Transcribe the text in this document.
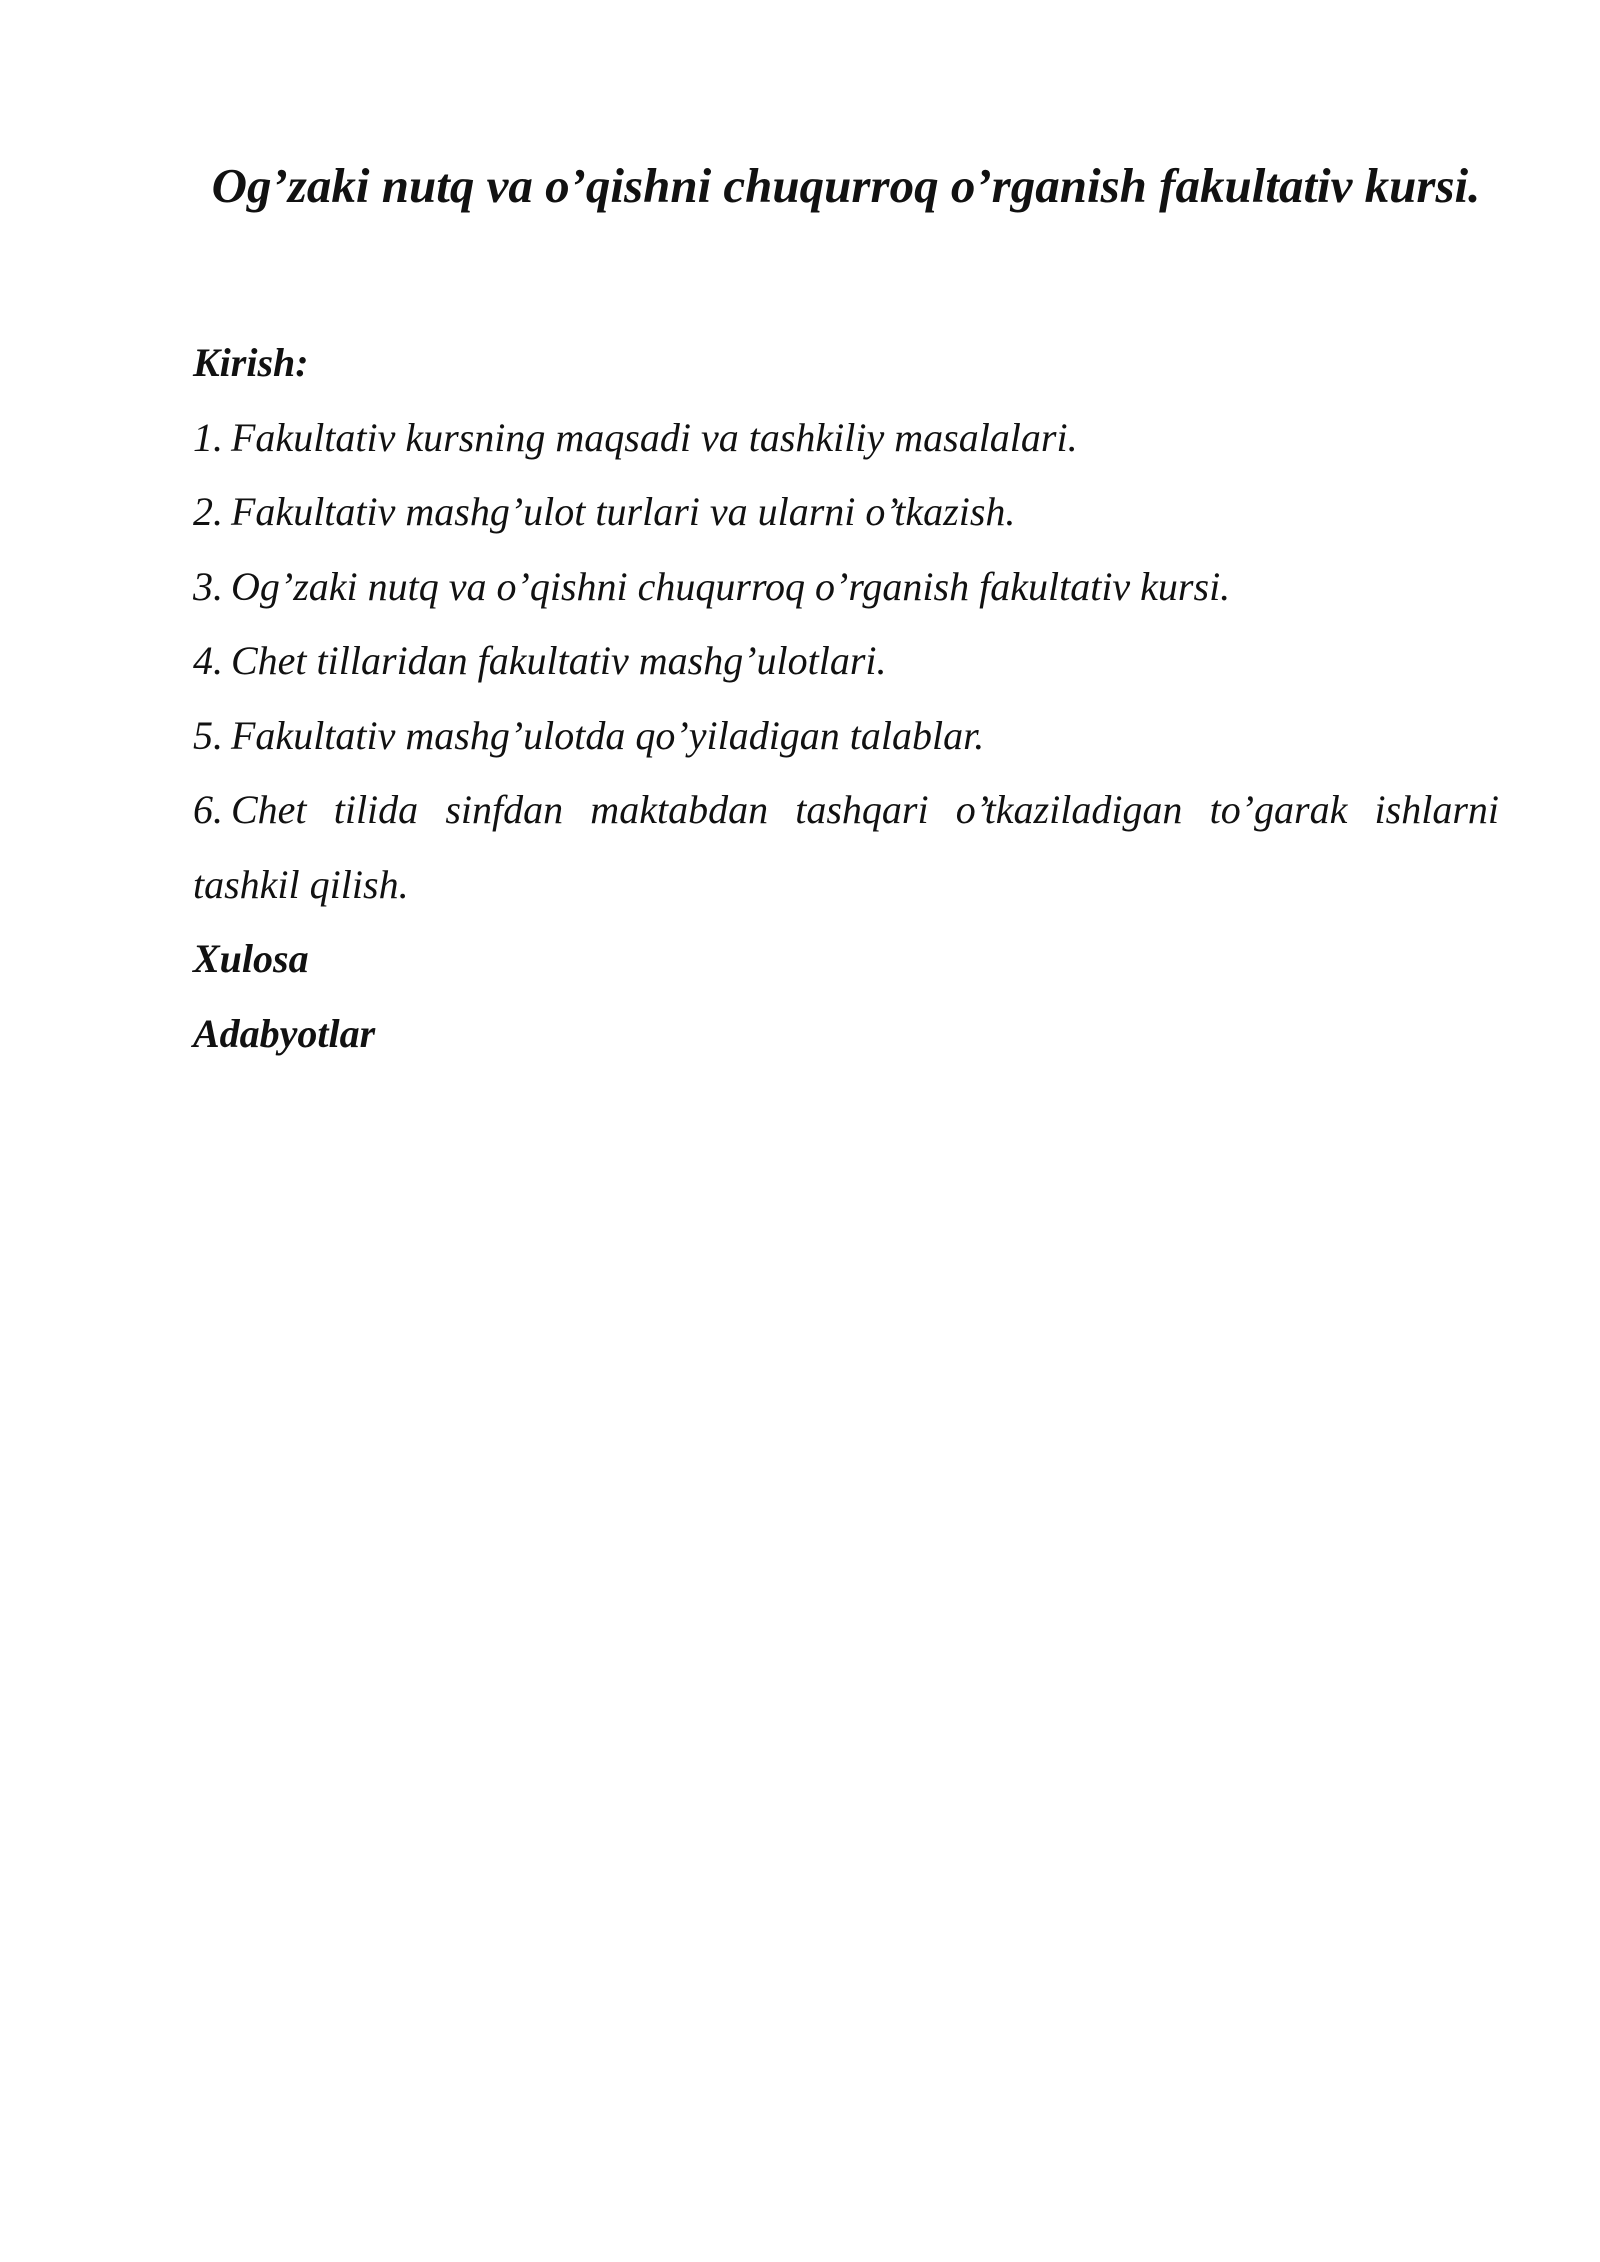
Og’zaki nutq va o’qishni chuqurroq o’rganish fakultativ kursi.

Kirish:

1. Fakultativ kursning maqsadi va tashkiliy masalalari.
2. Fakultativ mashg’ulot turlari va ularni o’tkazish.
3. Og’zaki nutq va o’qishni chuqurroq o’rganish fakultativ kursi.
4. Chet tillaridan fakultativ mashg’ulotlari.
5. Fakultativ mashg’ulotda qo’yiladigan talablar.
6. Chet tilida sinfdan maktabdan tashqari o’tkaziladigan to’garak ishlarni
tashkil qilish.

Xulosa

Adabyotlar
